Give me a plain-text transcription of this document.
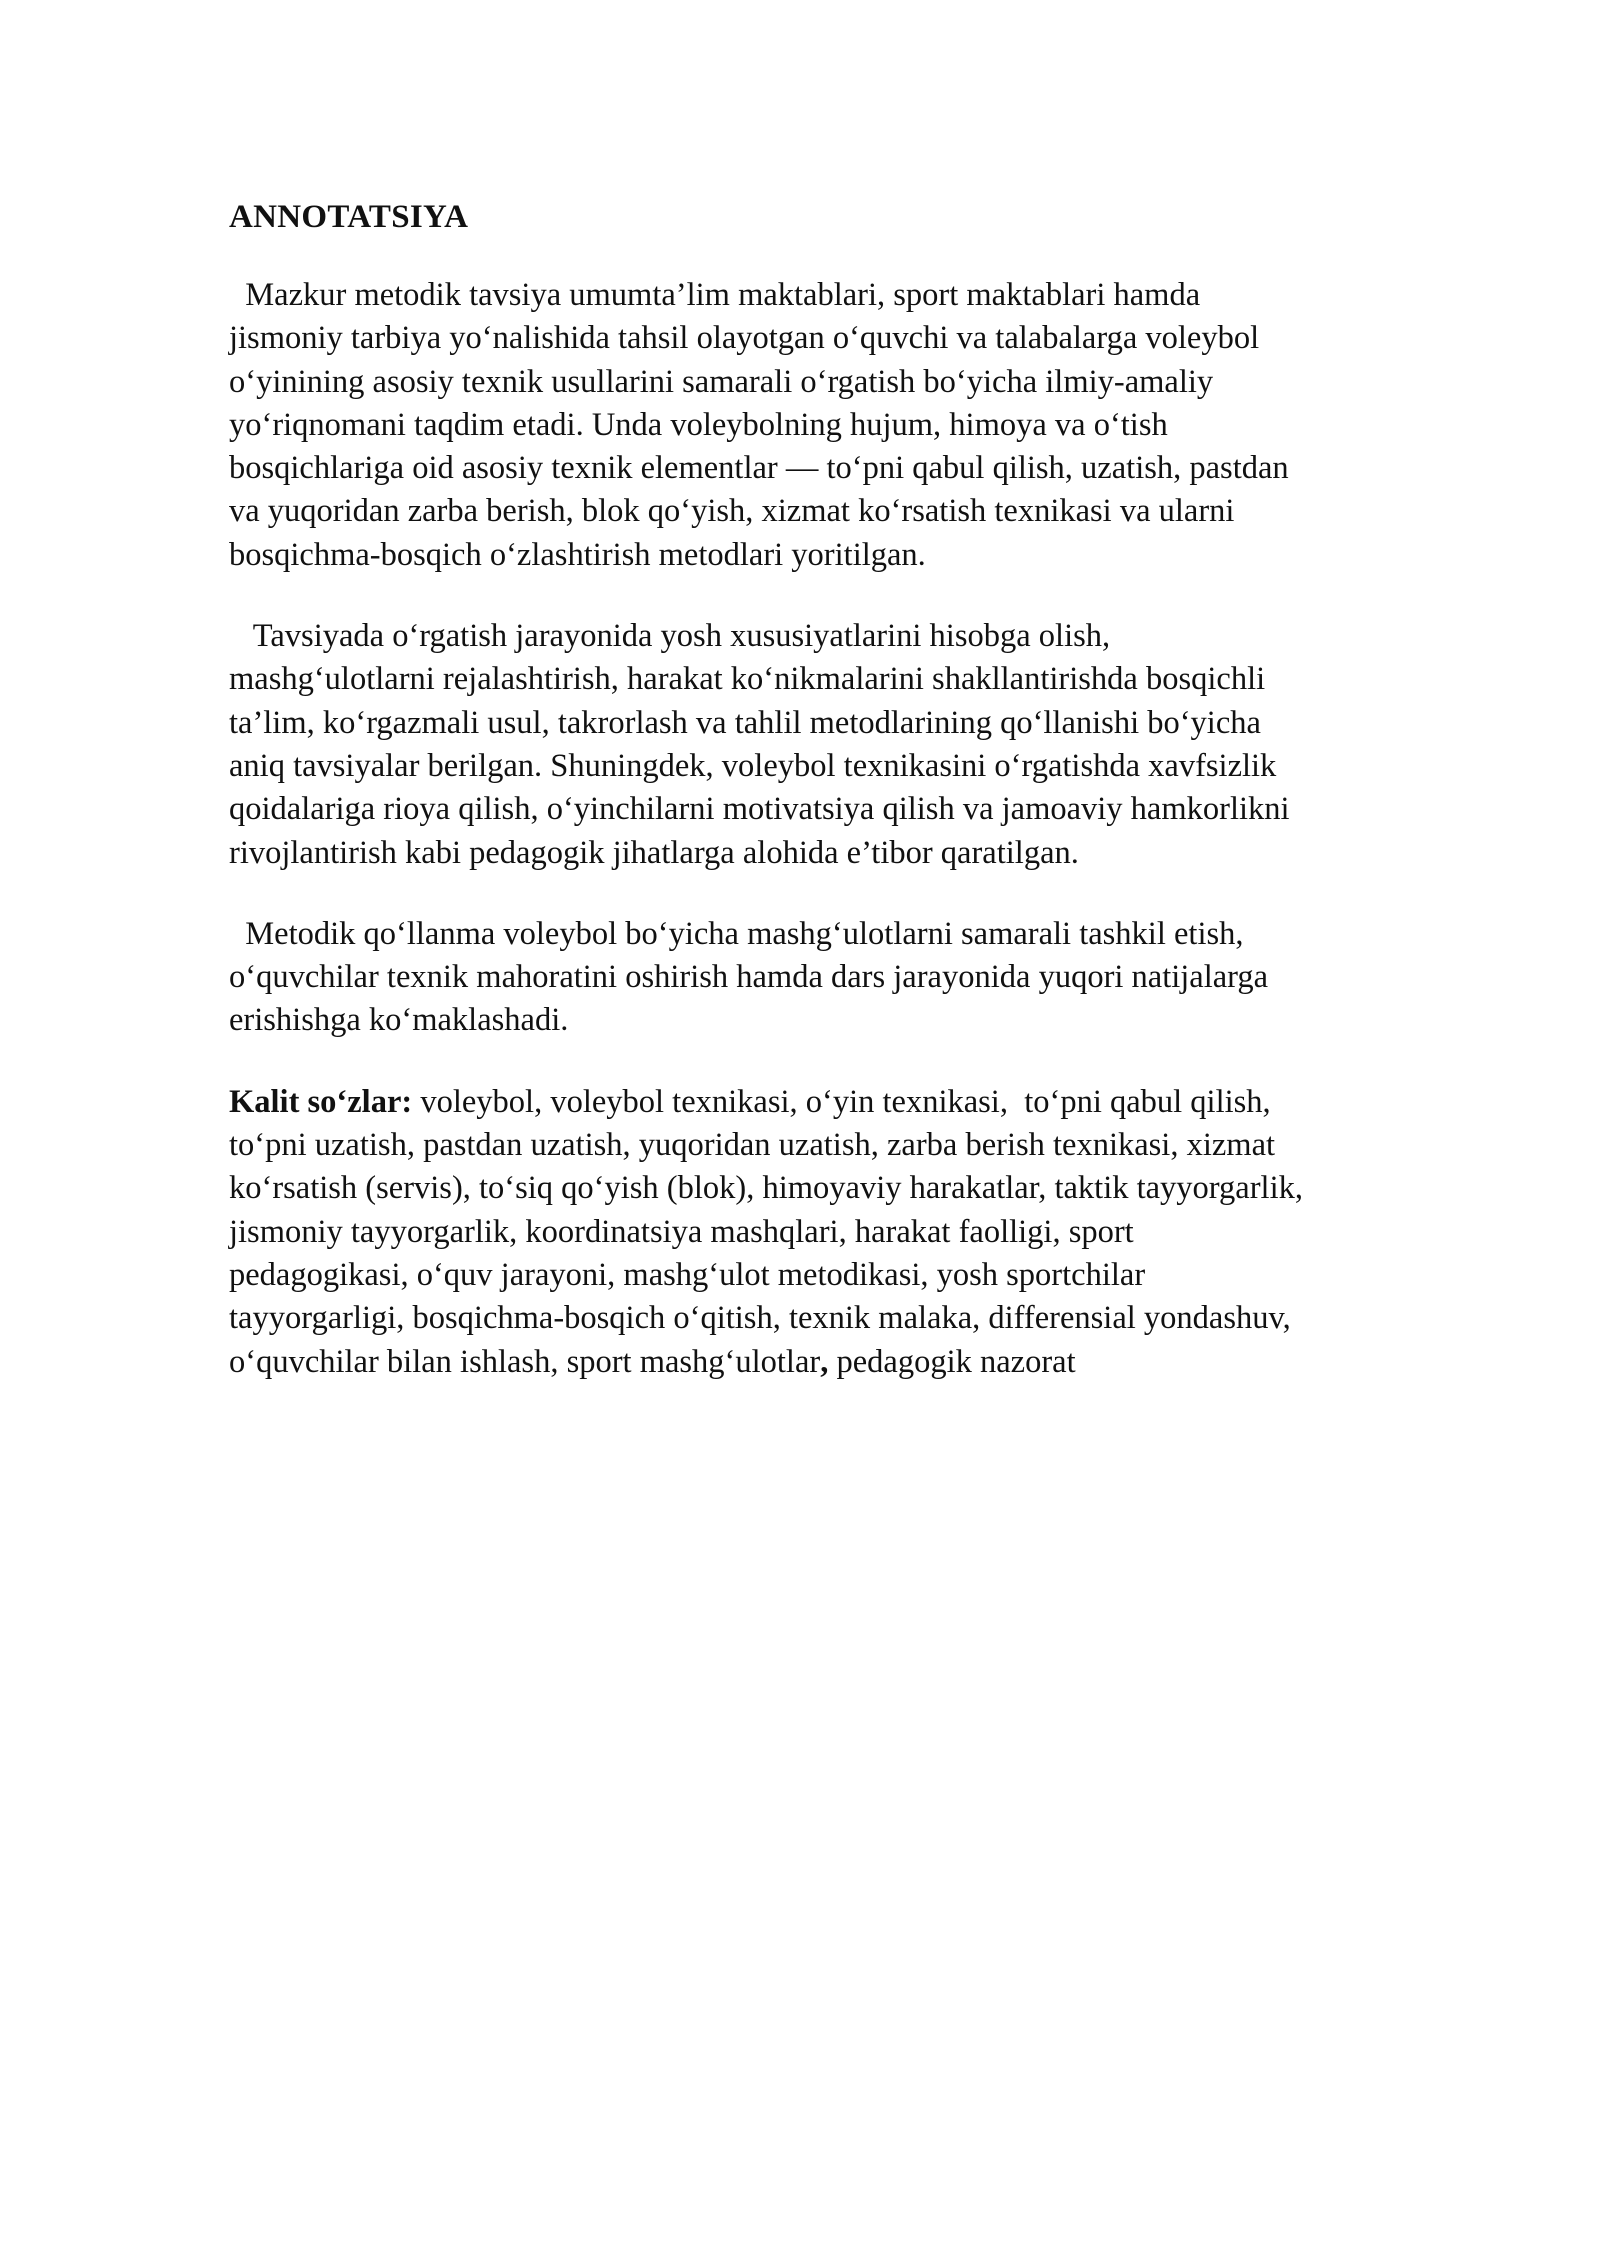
ANNOTATSIYA

Mazkur metodik tavsiya umumta’lim maktablari, sport maktablari hamda
jismoniy tarbiya yo‘nalishida tahsil olayotgan o‘quvchi va talabalarga voleybol
o‘yinining asosiy texnik usullarini samarali o‘rgatish bo‘yicha ilmiy-amaliy
yo‘riqnomani taqdim etadi. Unda voleybolning hujum, himoya va o‘tish
bosqichlariga oid asosiy texnik elementlar — to‘pni qabul qilish, uzatish, pastdan
va yuqoridan zarba berish, blok qo‘yish, xizmat ko‘rsatish texnikasi va ularni
bosqichma-bosqich o‘zlashtirish metodlari yoritilgan.

Tavsiyada o‘rgatish jarayonida yosh xususiyatlarini hisobga olish,
mashg‘ulotlarni rejalashtirish, harakat ko‘nikmalarini shakllantirishda bosqichli
ta’lim, ko‘rgazmali usul, takrorlash va tahlil metodlarining qo‘llanishi bo‘yicha
aniq tavsiyalar berilgan. Shuningdek, voleybol texnikasini o‘rgatishda xavfsizlik
qoidalariga rioya qilish, o‘yinchilarni motivatsiya qilish va jamoaviy hamkorlikni
rivojlantirish kabi pedagogik jihatlarga alohida e’tibor qaratilgan.

Metodik qo‘llanma voleybol bo‘yicha mashg‘ulotlarni samarali tashkil etish,
o‘quvchilar texnik mahoratini oshirish hamda dars jarayonida yuqori natijalarga
erishishga ko‘maklashadi.

Kalit so‘zlar: voleybol, voleybol texnikasi, o‘yin texnikasi,  to‘pni qabul qilish,
to‘pni uzatish, pastdan uzatish, yuqoridan uzatish, zarba berish texnikasi, xizmat
ko‘rsatish (servis), to‘siq qo‘yish (blok), himoyaviy harakatlar, taktik tayyorgarlik,
jismoniy tayyorgarlik, koordinatsiya mashqlari, harakat faolligi, sport
pedagogikasi, o‘quv jarayoni, mashg‘ulot metodikasi, yosh sportchilar
tayyorgarligi, bosqichma-bosqich o‘qitish, texnik malaka, differensial yondashuv,
o‘quvchilar bilan ishlash, sport mashg‘ulotlar, pedagogik nazorat
